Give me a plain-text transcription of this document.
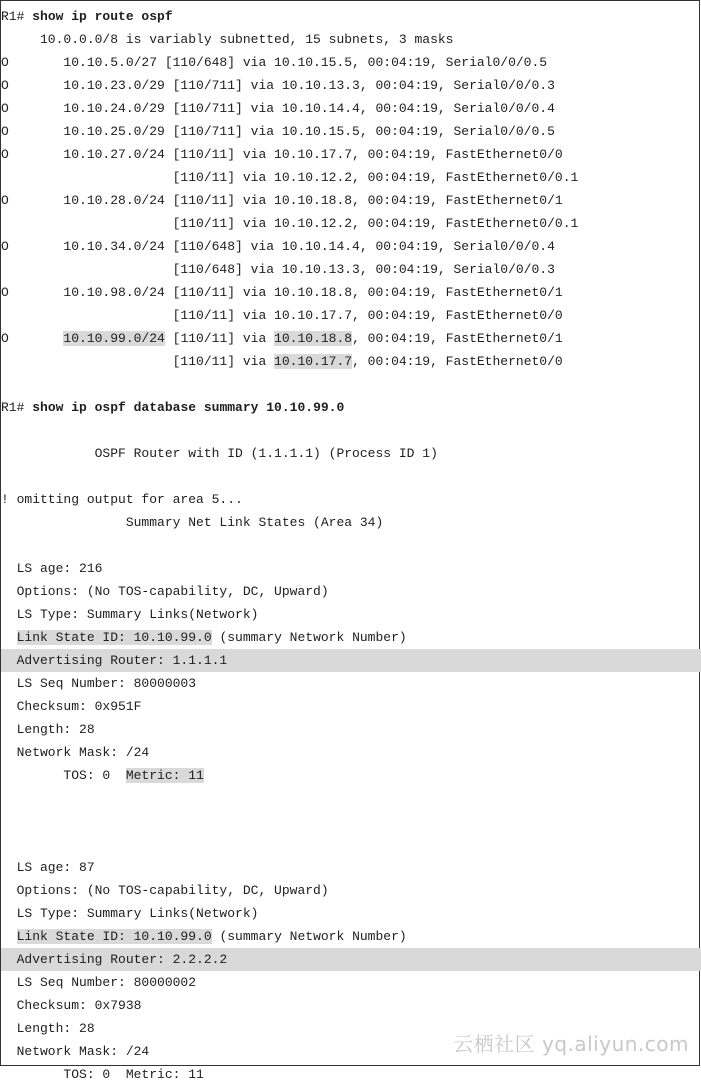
R1# show ip route ospf
10.0.0.0/8 is variably subnetted, 15 subnets, 3 masks
O       10.10.5.0/27 [110/648] via 10.10.15.5, 00:04:19, Serial0/0/0.5
O       10.10.23.0/29 [110/711] via 10.10.13.3, 00:04:19, Serial0/0/0.3
O       10.10.24.0/29 [110/711] via 10.10.14.4, 00:04:19, Serial0/0/0.4
O       10.10.25.0/29 [110/711] via 10.10.15.5, 00:04:19, Serial0/0/0.5
O       10.10.27.0/24 [110/11] via 10.10.17.7, 00:04:19, FastEthernet0/0
[110/11] via 10.10.12.2, 00:04:19, FastEthernet0/0.1
O       10.10.28.0/24 [110/11] via 10.10.18.8, 00:04:19, FastEthernet0/1
[110/11] via 10.10.12.2, 00:04:19, FastEthernet0/0.1
O       10.10.34.0/24 [110/648] via 10.10.14.4, 00:04:19, Serial0/0/0.4
[110/648] via 10.10.13.3, 00:04:19, Serial0/0/0.3
O       10.10.98.0/24 [110/11] via 10.10.18.8, 00:04:19, FastEthernet0/1
[110/11] via 10.10.17.7, 00:04:19, FastEthernet0/0
O       10.10.99.0/24 [110/11] via 10.10.18.8, 00:04:19, FastEthernet0/1
[110/11] via 10.10.17.7, 00:04:19, FastEthernet0/0
R1# show ip ospf database summary 10.10.99.0
OSPF Router with ID (1.1.1.1) (Process ID 1)
! omitting output for area 5...
Summary Net Link States (Area 34)
LS age: 216
Options: (No TOS-capability, DC, Upward)
LS Type: Summary Links(Network)
Link State ID: 10.10.99.0 (summary Network Number)
Advertising Router: 1.1.1.1
LS Seq Number: 80000003
Checksum: 0x951F
Length: 28
Network Mask: /24
TOS: 0  Metric: 11
LS age: 87
Options: (No TOS-capability, DC, Upward)
LS Type: Summary Links(Network)
Link State ID: 10.10.99.0 (summary Network Number)
Advertising Router: 2.2.2.2
LS Seq Number: 80000002
Checksum: 0x7938
Length: 28
Network Mask: /24
TOS: 0  Metric: 11
云栖社区 yq.aliyun.com
